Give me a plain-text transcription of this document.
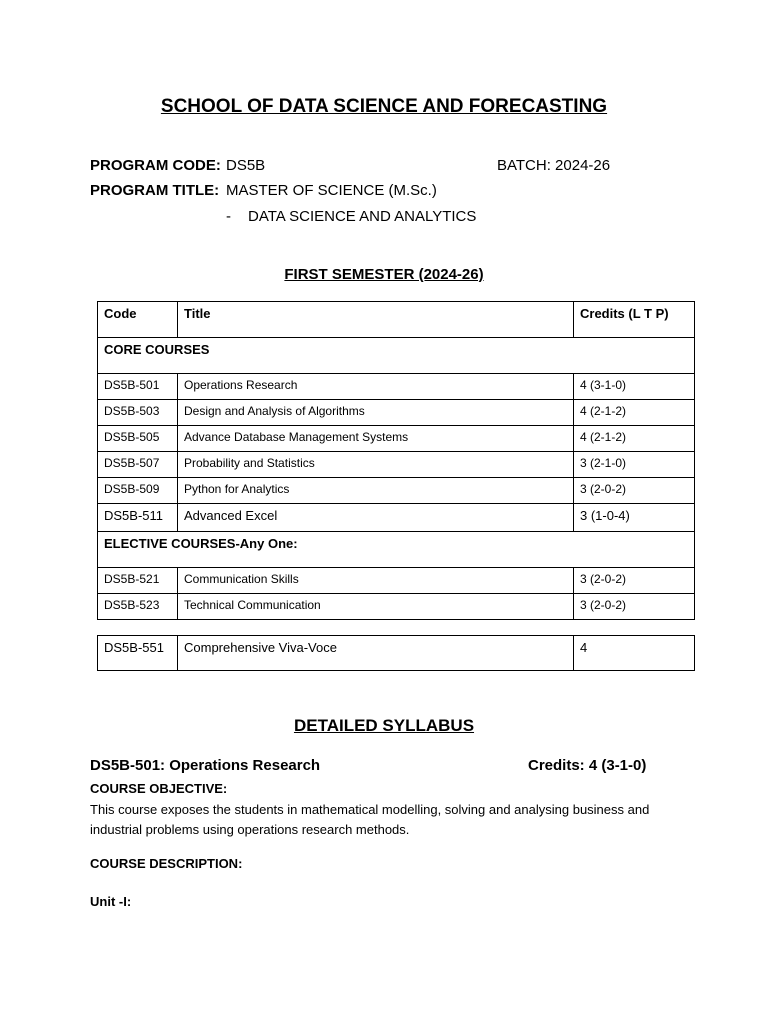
SCHOOL OF DATA SCIENCE AND FORECASTING
PROGRAM CODE: DS5B	BATCH: 2024-26
PROGRAM TITLE: MASTER OF SCIENCE (M.Sc.)
- DATA SCIENCE AND ANALYTICS
FIRST SEMESTER (2024-26)
Code	Title	Credits (L T P)
CORE COURSES		
DS5B-501	Operations Research	4 (3-1-0)
DS5B-503	Design and Analysis of Algorithms	4 (2-1-2)
DS5B-505	Advance Database Management Systems	4 (2-1-2)
DS5B-507	Probability and Statistics	3 (2-1-0)
DS5B-509	Python for Analytics	3 (2-0-2)
DS5B-511	Advanced Excel	3 (1-0-4)
ELECTIVE COURSES-Any One:		
DS5B-521	Communication Skills	3 (2-0-2)
DS5B-523	Technical Communication	3 (2-0-2)
DS5B-551	Comprehensive Viva-Voce	4
DETAILED SYLLABUS
DS5B-501: Operations Research	Credits: 4 (3-1-0)
COURSE OBJECTIVE:
This course exposes the students in mathematical modelling, solving and analysing business and industrial problems using operations research methods.
COURSE DESCRIPTION:
Unit -I:
